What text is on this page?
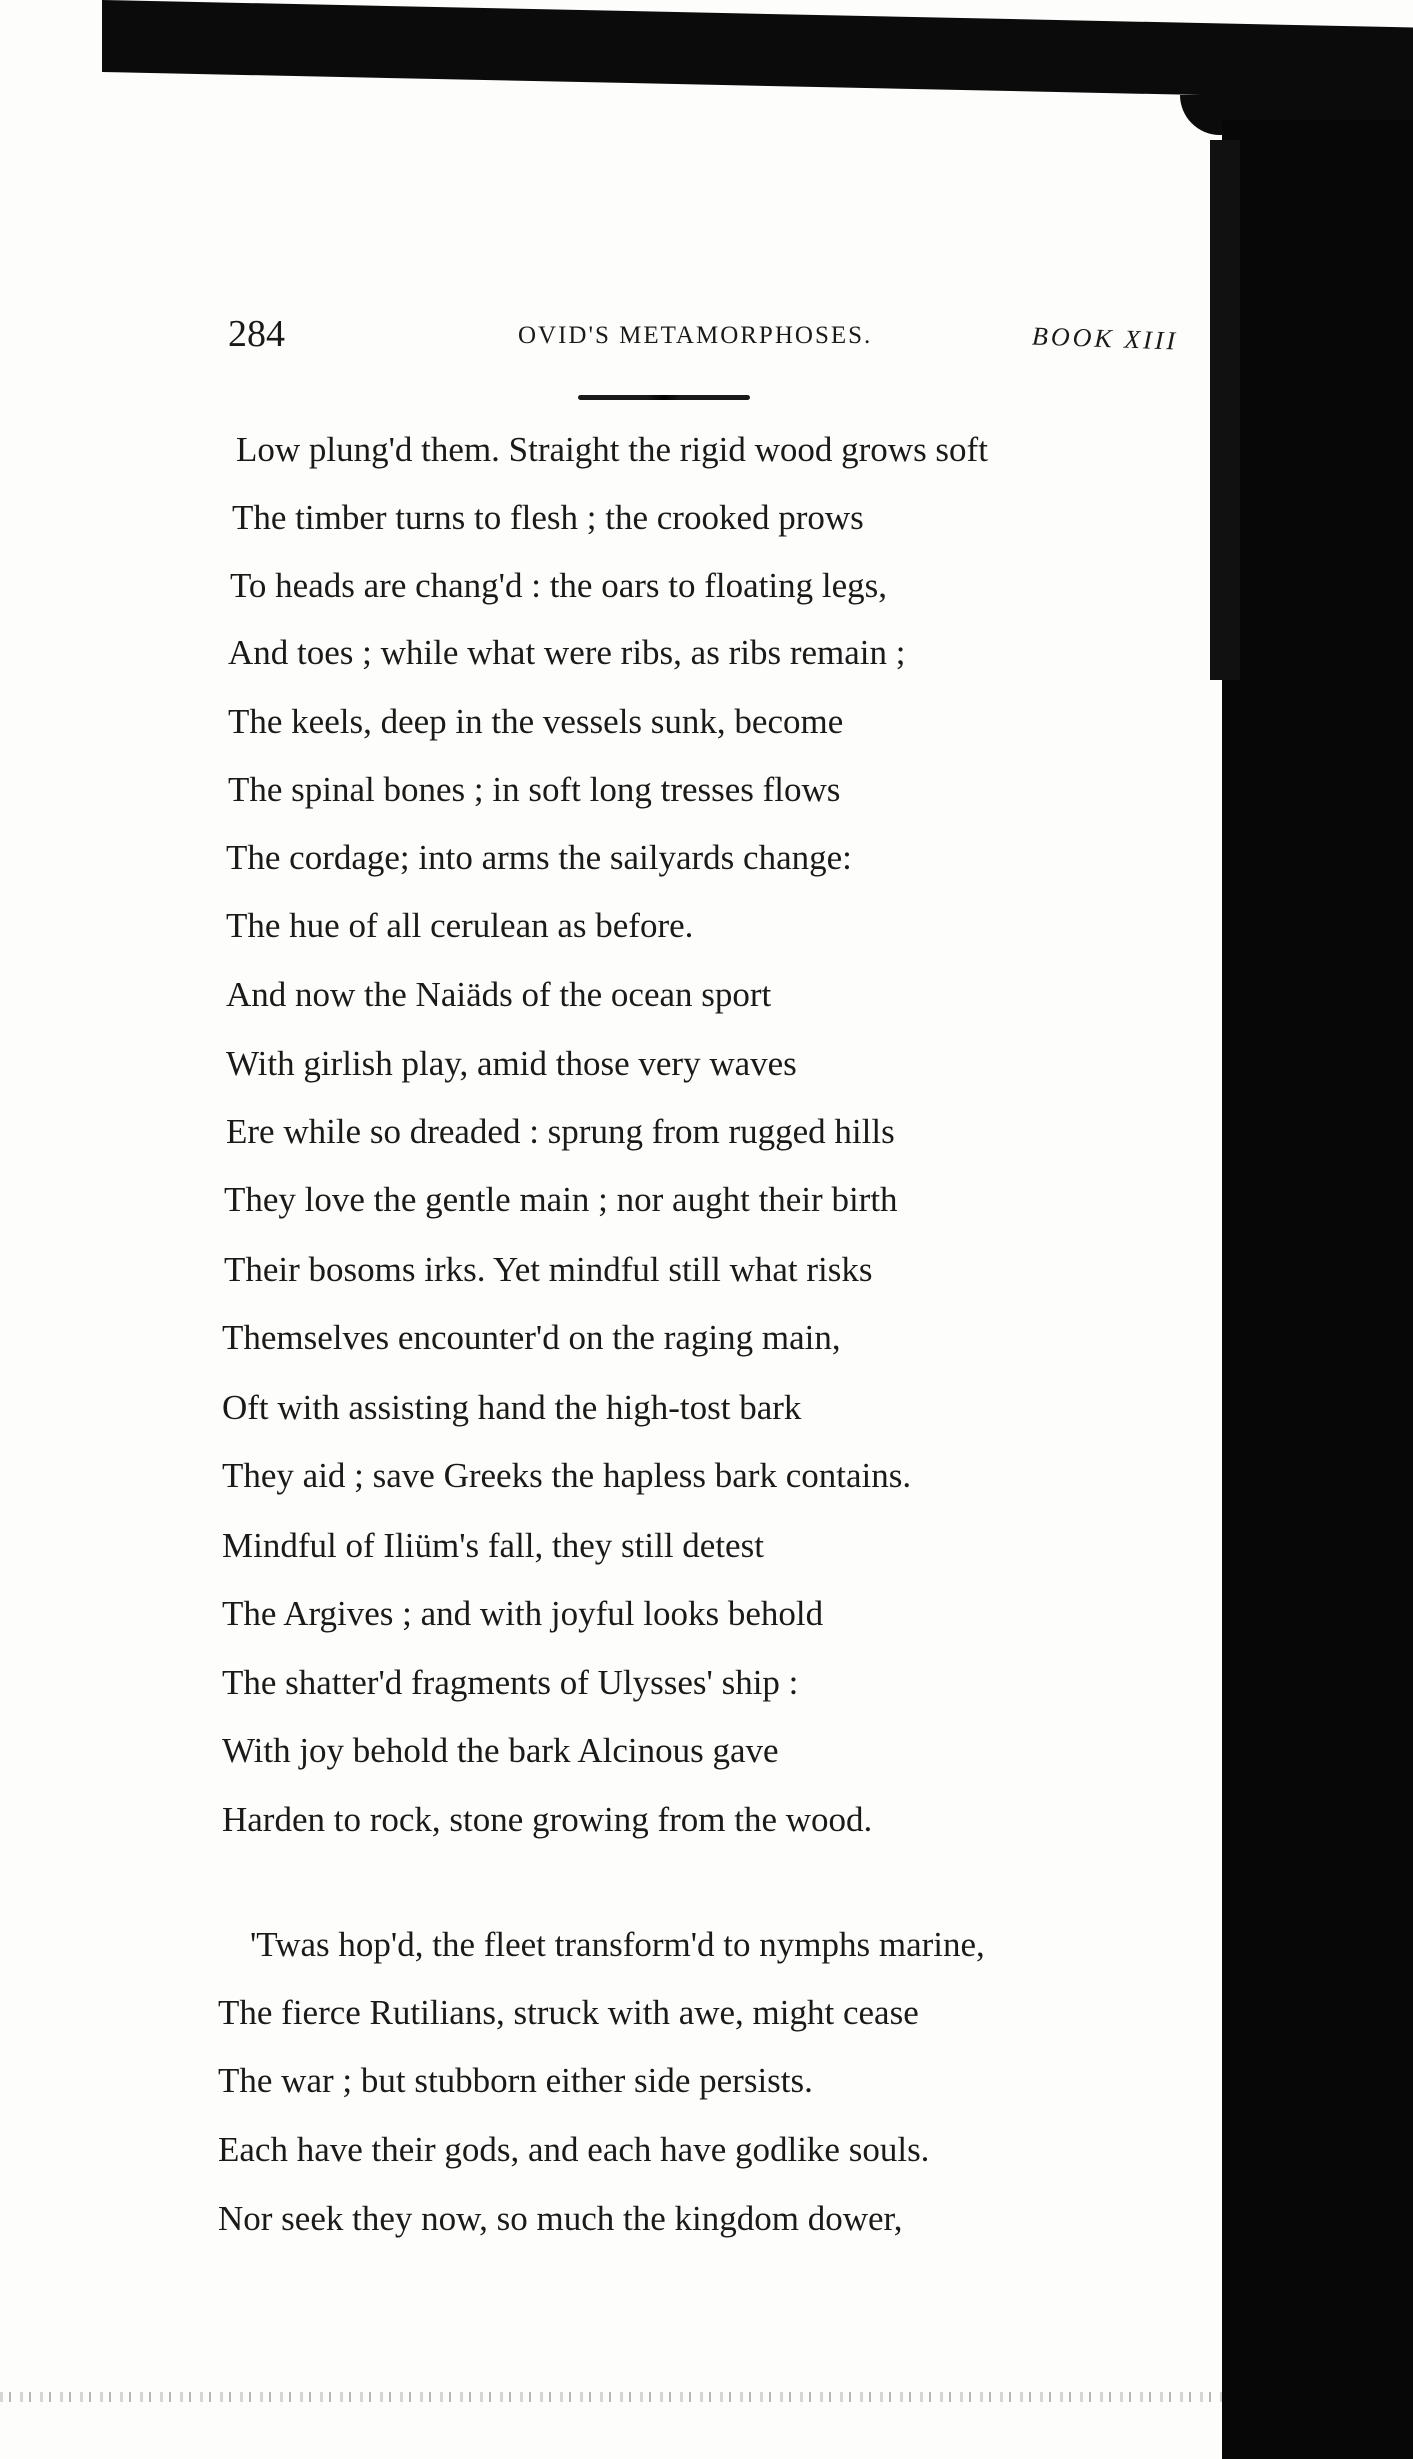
284	OVID'S METAMORPHOSES.	BOOK XIII
Low plung'd them. Straight the rigid wood grows soft
The timber turns to flesh ; the crooked prows
To heads are chang'd : the oars to floating legs,
And toes ; while what were ribs, as ribs remain ;
The keels, deep in the vessels sunk, become
The spinal bones ; in soft long tresses flows
The cordage; into arms the sailyards change:
The hue of all cerulean as before.
And now the Naiäds of the ocean sport
With girlish play, amid those very waves
Ere while so dreaded : sprung from rugged hills
They love the gentle main ; nor aught their birth
Their bosoms irks. Yet mindful still what risks
Themselves encounter'd on the raging main,
Oft with assisting hand the high-tost bark
They aid ; save Greeks the hapless bark contains.
Mindful of Iliüm's fall, they still detest
The Argives ; and with joyful looks behold
The shatter'd fragments of Ulysses' ship :
With joy behold the bark Alcinous gave
Harden to rock, stone growing from the wood.
'Twas hop'd, the fleet transform'd to nymphs marine,
The fierce Rutilians, struck with awe, might cease
The war ; but stubborn either side persists.
Each have their gods, and each have godlike souls.
Nor seek they now, so much the kingdom dower,
